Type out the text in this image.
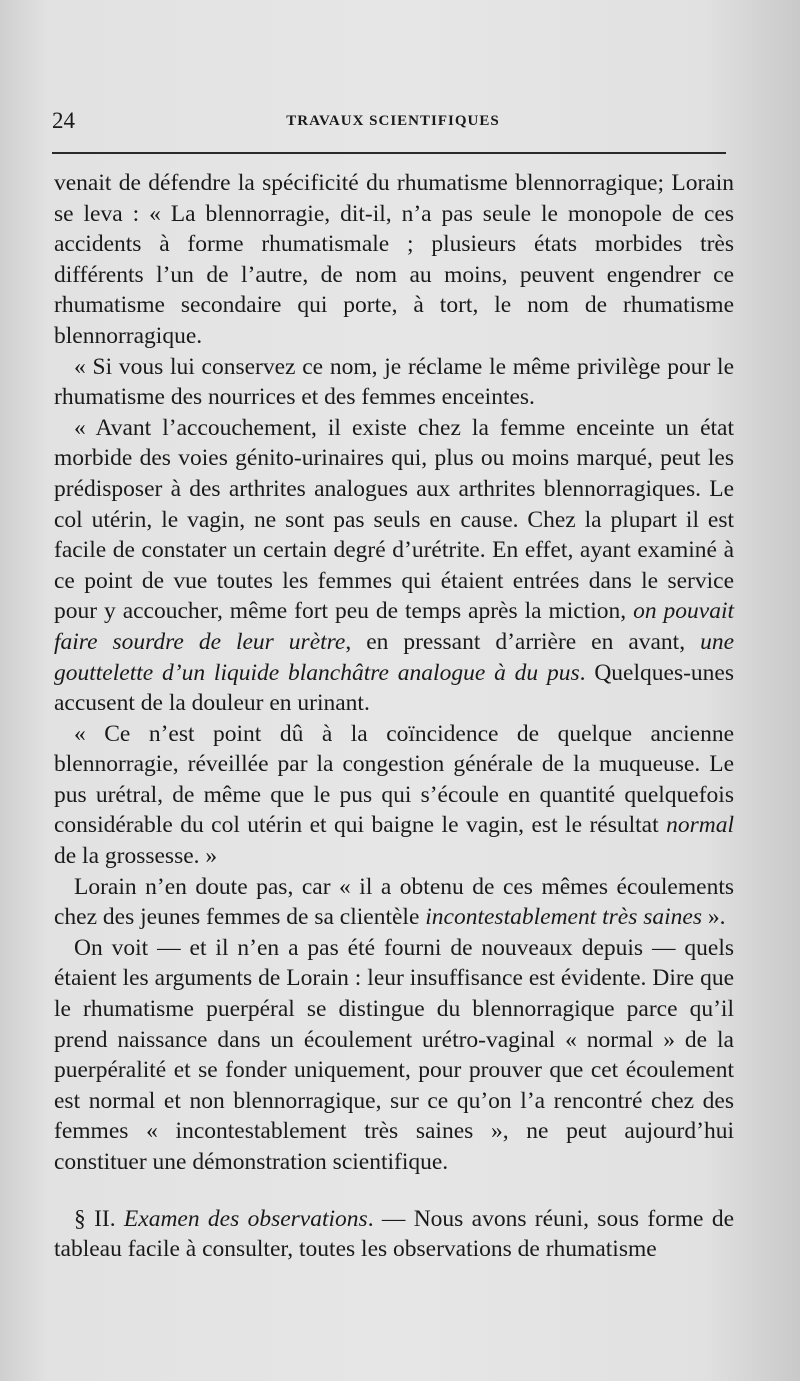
24	TRAVAUX SCIENTIFIQUES

venait de défendre la spécificité du rhumatisme blennorragique; Lorain se leva : « La blennorragie, dit-il, n’a pas seule le monopole de ces accidents à forme rhumatismale ; plusieurs états morbides très différents l’un de l’autre, de nom au moins, peuvent engendrer ce rhumatisme secondaire qui porte, à tort, le nom de rhumatisme blennorragique.

« Si vous lui conservez ce nom, je réclame le même privilège pour le rhumatisme des nourrices et des femmes enceintes.

« Avant l’accouchement, il existe chez la femme enceinte un état morbide des voies génito-urinaires qui, plus ou moins marqué, peut les prédisposer à des arthrites analogues aux arthrites blennorragiques. Le col utérin, le vagin, ne sont pas seuls en cause. Chez la plupart il est facile de constater un certain degré d’urétrite. En effet, ayant examiné à ce point de vue toutes les femmes qui étaient entrées dans le service pour y accoucher, même fort peu de temps après la miction, on pouvait faire sourdre de leur urètre, en pressant d’arrière en avant, une gouttelette d’un liquide blanchâtre analogue à du pus. Quelques-unes accusent de la douleur en urinant.

« Ce n’est point dû à la coïncidence de quelque ancienne blennorragie, réveillée par la congestion générale de la muqueuse. Le pus urétral, de même que le pus qui s’écoule en quantité quelquefois considérable du col utérin et qui baigne le vagin, est le résultat normal de la grossesse. »

Lorain n’en doute pas, car « il a obtenu de ces mêmes écoulements chez des jeunes femmes de sa clientèle incontestablement très saines ».

On voit — et il n’en a pas été fourni de nouveaux depuis — quels étaient les arguments de Lorain : leur insuffisance est évidente. Dire que le rhumatisme puerpéral se distingue du blennorragique parce qu’il prend naissance dans un écoulement urétro-vaginal « normal » de la puerpéralité et se fonder uniquement, pour prouver que cet écoulement est normal et non blennorragique, sur ce qu’on l’a rencontré chez des femmes « incontestablement très saines », ne peut aujourd’hui constituer une démonstration scientifique.

§ II. Examen des observations. — Nous avons réuni, sous forme de tableau facile à consulter, toutes les observations de rhumatisme
